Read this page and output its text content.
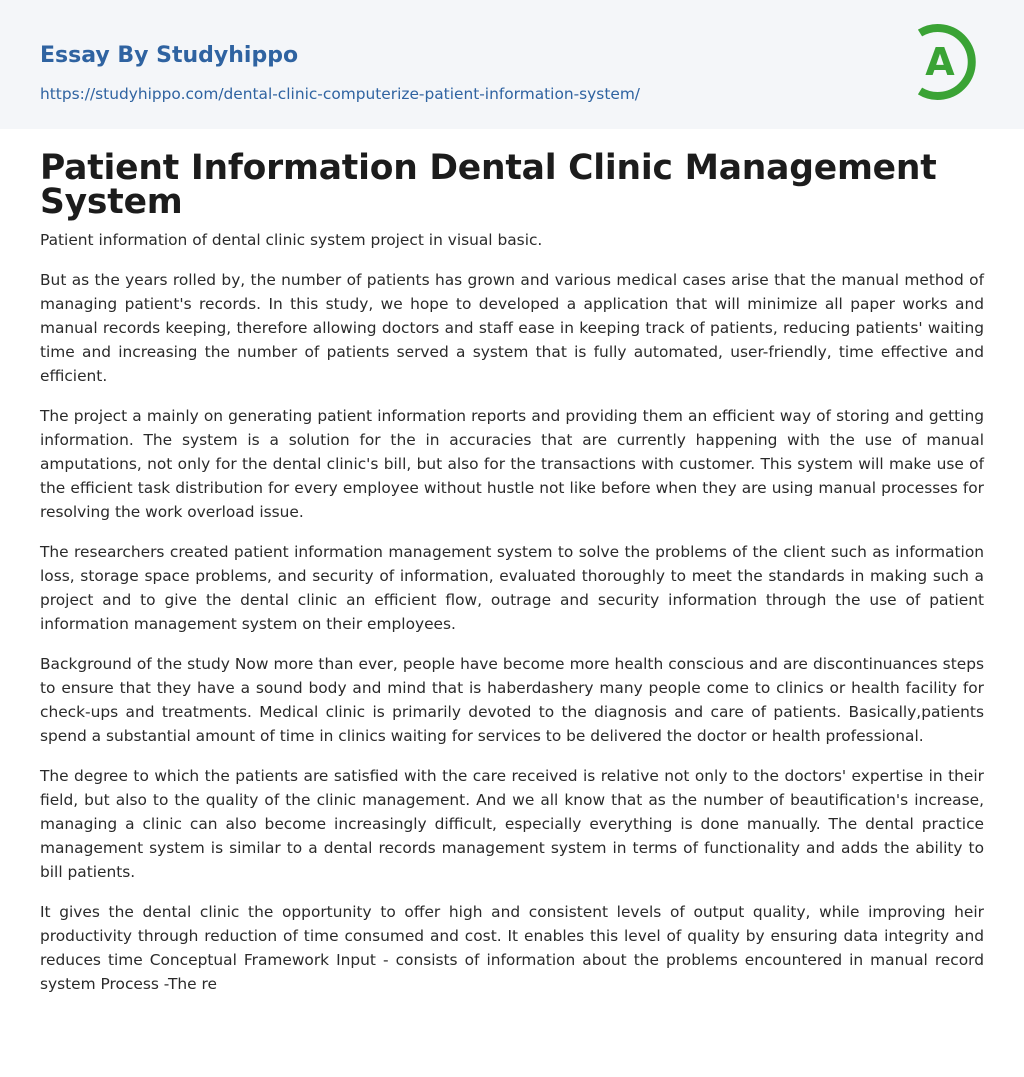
Essay By Studyhippo
https://studyhippo.com/dental-clinic-computerize-patient-information-system/
A
Patient Information Dental Clinic Management System

Patient information of dental clinic system project in visual basic.

But as the years rolled by, the number of patients has grown and various medical cases arise that the manual method of managing patient's records. In this study, we hope to developed a application that will minimize all paper works and manual records keeping, therefore allowing doctors and staff ease in keeping track of patients, reducing patients' waiting time and increasing the number of patients served a system that is fully automated, user-friendly, time effective and efficient.

The project a mainly on generating patient information reports and providing them an efficient way of storing and getting information. The system is a solution for the in accuracies that are currently happening with the use of manual amputations, not only for the dental clinic's bill, but also for the transactions with customer. This system will make use of the efficient task distribution for every employee without hustle not like before when they are using manual processes for resolving the work overload issue.

The researchers created patient information management system to solve the problems of the client such as information loss, storage space problems, and security of information, evaluated thoroughly to meet the standards in making such a project and to give the dental clinic an efficient flow, outrage and security information through the use of patient information management system on their employees.

Background of the study Now more than ever, people have become more health conscious and are discontinuances steps to ensure that they have a sound body and mind that is haberdashery many people come to clinics or health facility for check-ups and treatments. Medical clinic is primarily devoted to the diagnosis and care of patients. Basically,patients spend a substantial amount of time in clinics waiting for services to be delivered the doctor or health professional.

The degree to which the patients are satisfied with the care received is relative not only to the doctors' expertise in their field, but also to the quality of the clinic management. And we all know that as the number of beautification's increase, managing a clinic can also become increasingly difficult, especially everything is done manually. The dental practice management system is similar to a dental records management system in terms of functionality and adds the ability to bill patients.

It gives the dental clinic the opportunity to offer high and consistent levels of output quality, while improving heir productivity through reduction of time consumed and cost. It enables this level of quality by ensuring data integrity and reduces time Conceptual Framework Input - consists of information about the problems encountered in manual record system Process -The re
